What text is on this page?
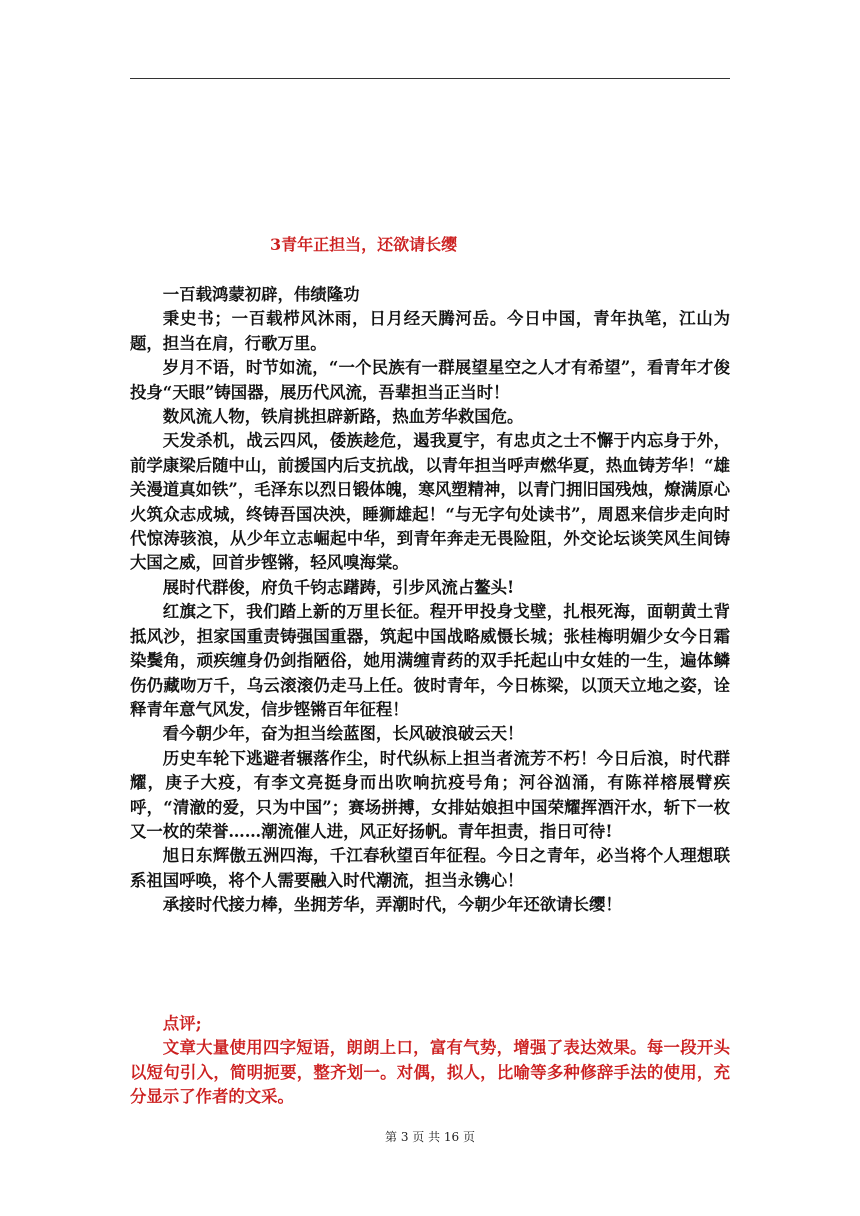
3青年正担当，还欲请长缨

一百载鸿蒙初辟，伟绩隆功

秉史书；一百载栉风沐雨，日月经天腾河岳。今日中国，青年执笔，江山为题，担当在肩，行歌万里。

岁月不语，时节如流，“一个民族有一群展望星空之人才有希望”，看青年才俊投身“天眼”铸国器，展历代风流，吾辈担当正当时！

数风流人物，铁肩挑担辟新路，热血芳华救国危。

天发杀机，战云四风，倭族趁危，遏我夏宇，有忠贞之士不懈于内忘身于外，前学康梁后随中山，前援国内后支抗战，以青年担当呼声燃华夏，热血铸芳华！“雄关漫道真如铁”，毛泽东以烈日锻体魄，寒风塑精神，以青门拥旧国残烛，燎满原心火筑众志成城，终铸吾国决泱，睡狮雄起！“与无字句处读书”，周恩来信步走向时代惊涛骇浪，从少年立志崛起中华，到青年奔走无畏险阻，外交论坛谈笑风生间铸大国之威，回首步铿锵，轻风嗅海棠。

展时代群俊，府负千钧志躇踌，引步风流占鳌头!

红旗之下，我们踏上新的万里长征。程开甲投身戈壁，扎根死海，面朝黄土背抵风沙，担家国重责铸强国重器，筑起中国战略威慑长城；张桂梅明媚少女今日霜染鬓角，顽疾缠身仍剑指陋俗，她用满缠青药的双手托起山中女娃的一生，遍体鳞伤仍藏吻万千，乌云滚滚仍走马上任。彼时青年，今日栋梁，以顶天立地之姿，诠释青年意气风发，信步铿锵百年征程！

看今朝少年，奋为担当绘蓝图，长风破浪破云天！

历史车轮下逃避者辗落作尘，时代纵标上担当者流芳不朽！今日后浪，时代群耀，庚子大疫，有李文亮挺身而出吹响抗疫号角；河谷汹涌，有陈祥榕展臂疾呼，“清澈的爱，只为中国”；赛场拼搏，女排姑娘担中国荣耀挥酒汗水，斩下一枚又一枚的荣誉……潮流催人进，风正好扬帆。青年担责，指日可待!

旭日东辉傲五洲四海，千江春秋望百年征程。今日之青年，必当将个人理想联系祖国呼唤，将个人需要融入时代潮流，担当永镌心！

承接时代接力棒，坐拥芳华，弄潮时代，今朝少年还欲请长缨！

点评;

文章大量使用四字短语，朗朗上口，富有气势，增强了表达效果。每一段开头以短句引入，简明扼要，整齐划一。对偶，拟人，比喻等多种修辞手法的使用，充分显示了作者的文采。

第 3 页 共 16 页
